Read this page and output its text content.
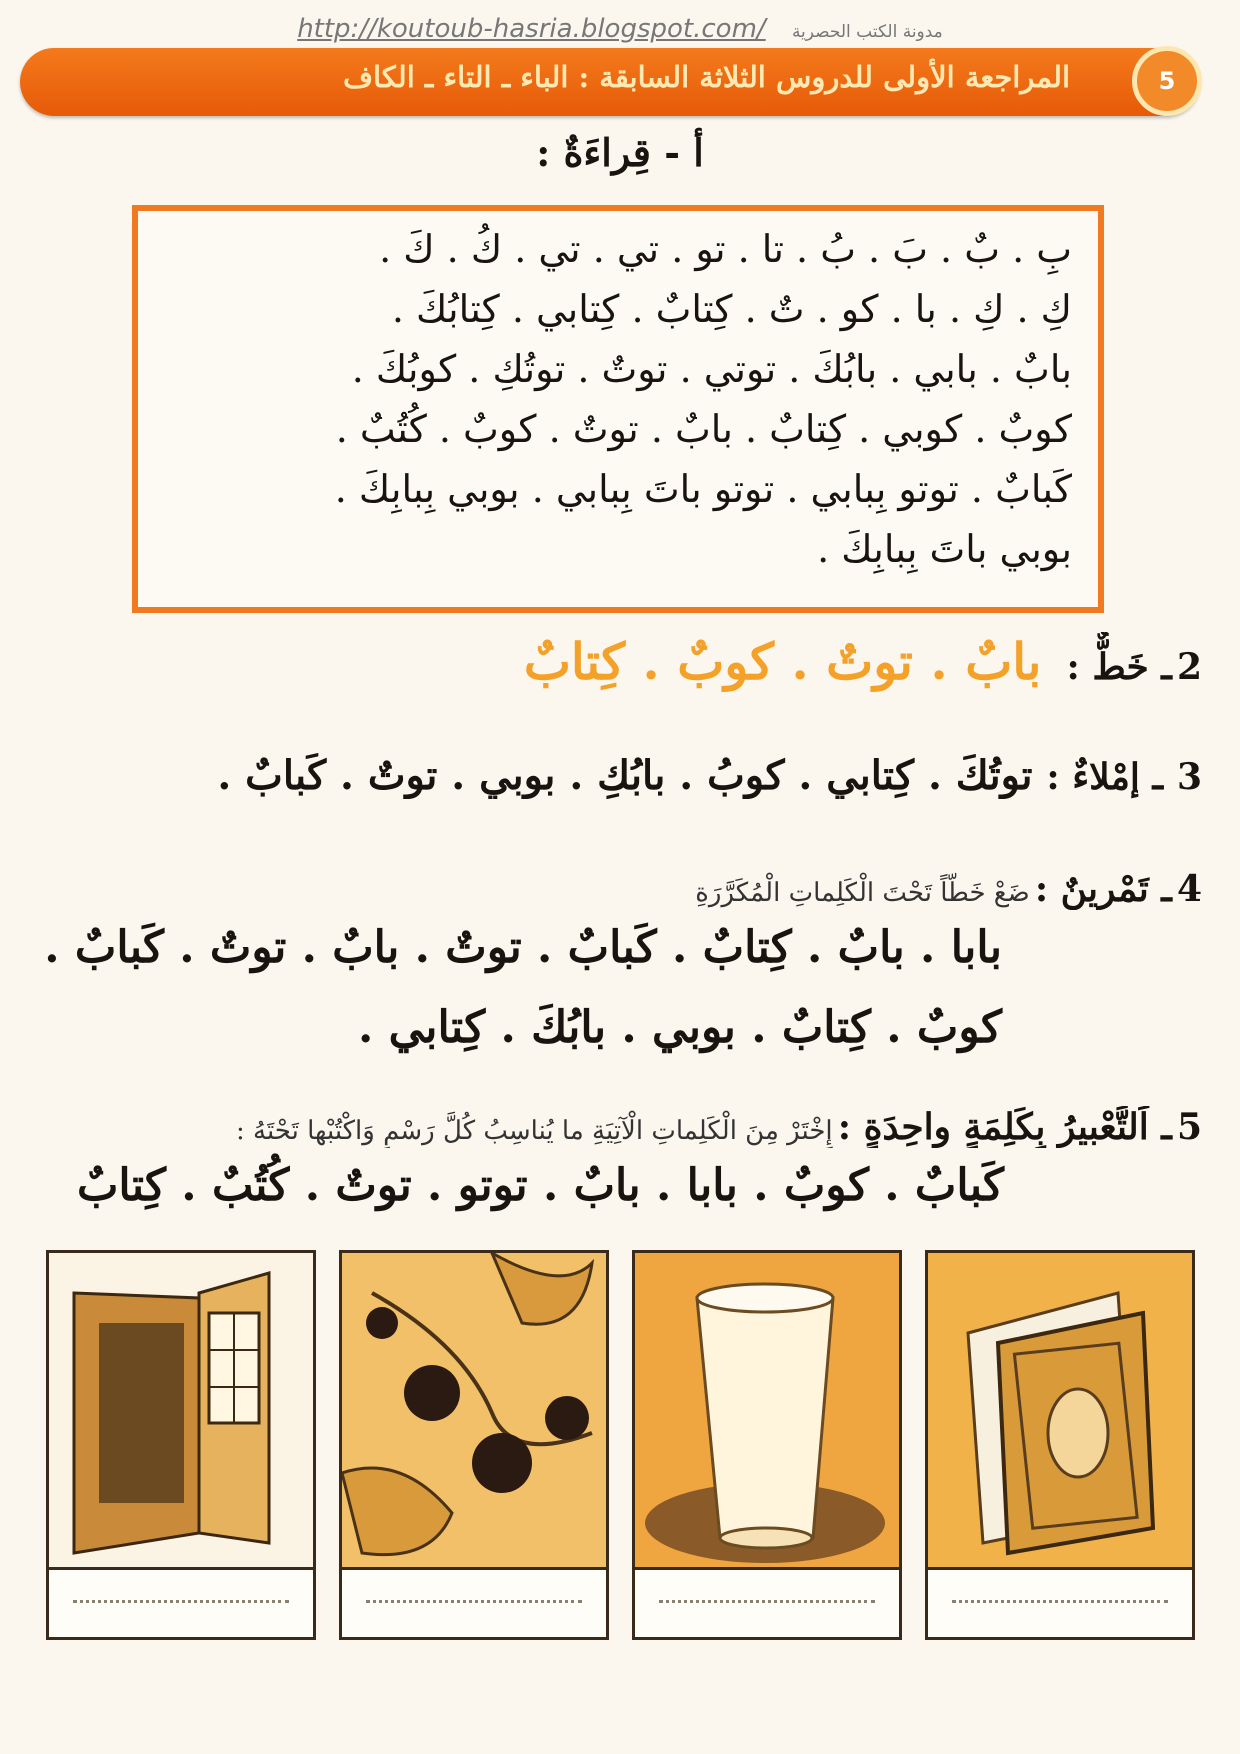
http://koutoub-hasria.blogspot.com/ مدونة الكتب الحصرية
5
المراجعة الأولى للدروس الثلاثة السابقة : الباء ـ التاء ـ الكاف
أ - قِراءَةٌ :
بِ . بٌ . بَ . بُ . تا . تو . تي . تي . كُ . كَ .
كِ . كِ . با . كو . تٌ . كِتابٌ . كِتابي . كِتابُكَ .
بابٌ . بابي . بابُكَ . توتي . توتٌ . توتُكِ . كوبُكَ .
كوبٌ . كوبي . كِتابٌ . بابٌ . توتٌ . كوبٌ . كُتُبٌ .
كَبابٌ . توتو بِبابي . توتو باتَ بِبابي . بوبي بِبابِكَ .
بوبي باتَ بِبابِكَ .
2 ـ خَطٌّ : بابٌ . توتٌ . كوبٌ . كِتابٌ
3 ـ إمْلاءٌ : توتُكَ . كِتابي . كوبُ . بابُكِ . بوبي . توتٌ . كَبابٌ .
4 ـ تَمْرينٌ : ضَعْ خَطّاً تَحْتَ الْكَلِماتِ الْمُكَرَّرَةِ
بابا . بابٌ . كِتابٌ . كَبابٌ . توتٌ . بابٌ . توتٌ . كَبابٌ .
كوبٌ . كِتابٌ . بوبي . بابُكَ . كِتابي .
5 ـ اَلتَّعْبيرُ بِكَلِمَةٍ واحِدَةٍ : إِخْتَرْ مِنَ الْكَلِماتِ الْآتِيَةِ ما يُناسِبُ كُلَّ رَسْمٍ وَاكْتُبْها تَحْتَهُ :
كَبابٌ . كوبٌ . بابا . بابٌ . توتو . توتٌ . كُتُبٌ . كِتابٌ
